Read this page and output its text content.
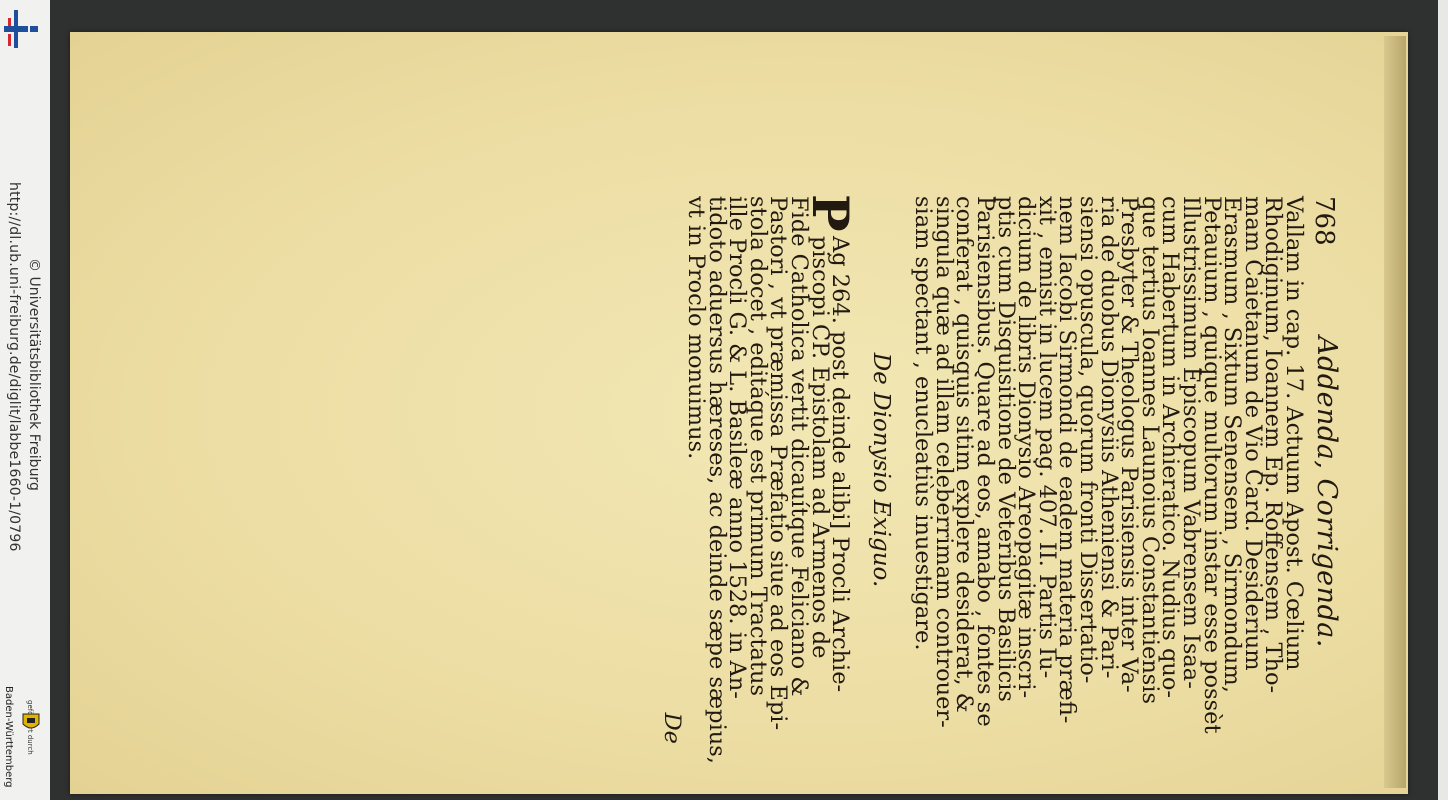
http://dl.ub.uni-freiburg.de/diglit/labbe1660-1/0796 © Universitätsbibliothek Freiburg
Baden-Württemberg
768
Addenda, Corrigenda.
Vallam in cap. 17. Actuum Apost. Cœlium
Rhodiginum, Ioannem Ep. Roffensem , Tho-
mam Caietanum de Vio Card. Desiderium
Erasmum , Sixtum Senensem , Sirmondum,
Petauium , quique multorum instar esse possèt
Illustrissimum Episcopum Vabrensem Isaa-
cum Habertum in Archieratico. Nudius quo-
que tertius Ioannes Launoius Constantiensis
Presbyter & Theologus Parisiensis inter Va-
ria de duobus Dionysiis Atheniensi & Pari-
siensi opuscula, quorum fronti Dissertatio-
nem Iacobi Sirmondi de eadem materia præfi-
xit , emisit in lucem pag. 407. II. Partis Iu-
dicium de libris Dionysio Areopagitæ inscri-
ptis cum Disquisitione de Veteribus Basilicis
Parisiensibus. Quare ad eos, amabo , fontes se
conferat , quisquis sitim explere desiderat, &
singula quæ ad illam celeberrimam controuer-
siam spectant , enucleatiùs inuestigare.
De Dionysio Exiguo.
P
Ag 264. post deinde alibi] Procli Archie-
piscopi CP. Epistolam ad Armenos de
Fide Catholica vertit dicauítque Feliciano &
Pastori , vt præmissa Præfatio siue ad eos Epi-
stola docet , editáque est primum Tractatus
ille Procli G. & L. Basileæ anno 1528. in An-
tidoto aduersus hæreses, ac deinde sæpe sæpius,
vt in Proclo monuimus.
De
